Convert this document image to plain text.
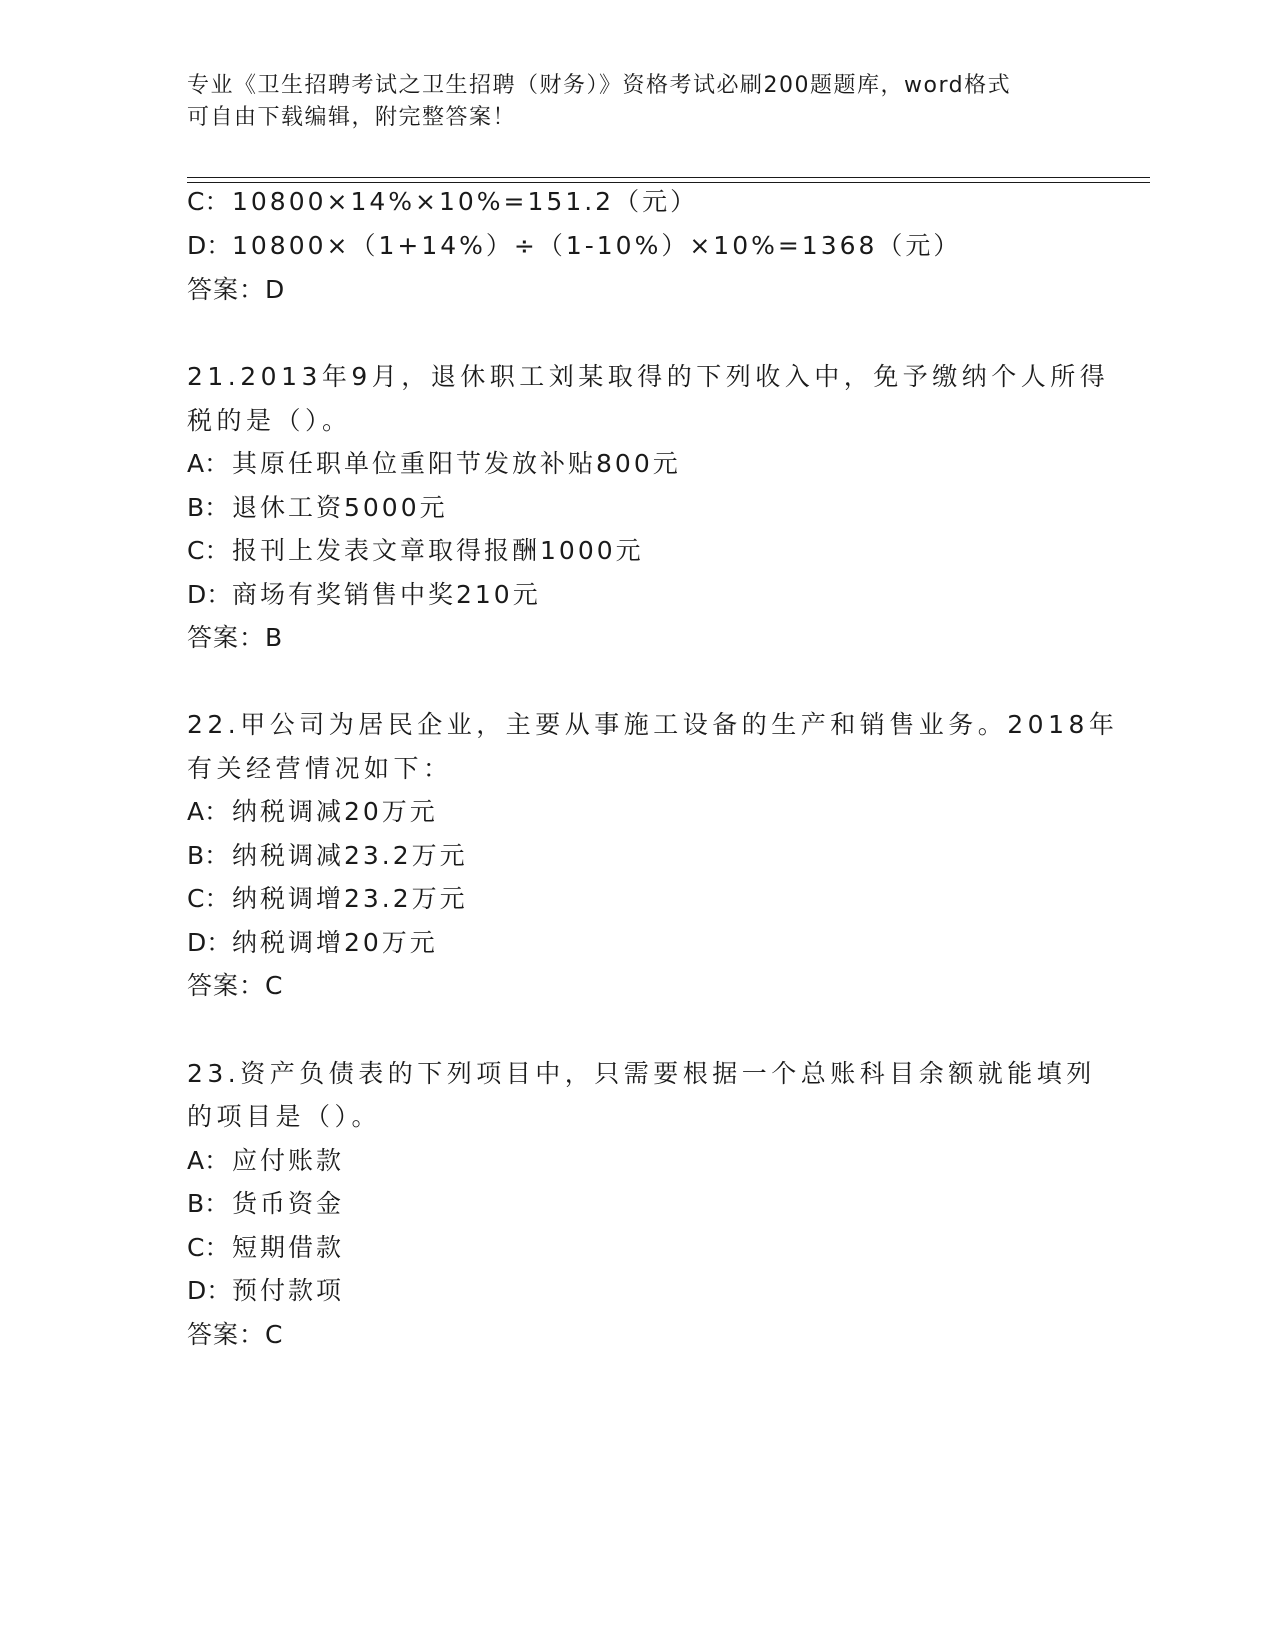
专业《卫生招聘考试之卫生招聘（财务）》资格考试必刷200题题库，word格式
可自由下载编辑，附完整答案！
C： 10800×14%×10%=151.2（元）
D：10800×（1+14%）÷（1-10%）×10%=1368（元）
答案：D
21.2013年9月，退休职工刘某取得的下列收入中，免予缴纳个人所得
税的是（）。
A： 其原任职单位重阳节发放补贴800元
B： 退休工资5000元
C： 报刊上发表文章取得报酬1000元
D：商场有奖销售中奖210元
答案：B
22.甲公司为居民企业，主要从事施工设备的生产和销售业务。2018年
有关经营情况如下：
A： 纳税调减20万元
B： 纳税调减23.2万元
C： 纳税调增23.2万元
D：纳税调增20万元
答案：C
23.资产负债表的下列项目中，只需要根据一个总账科目余额就能填列
的项目是（）。
A： 应付账款
B： 货币资金
C： 短期借款
D：预付款项
答案：C
